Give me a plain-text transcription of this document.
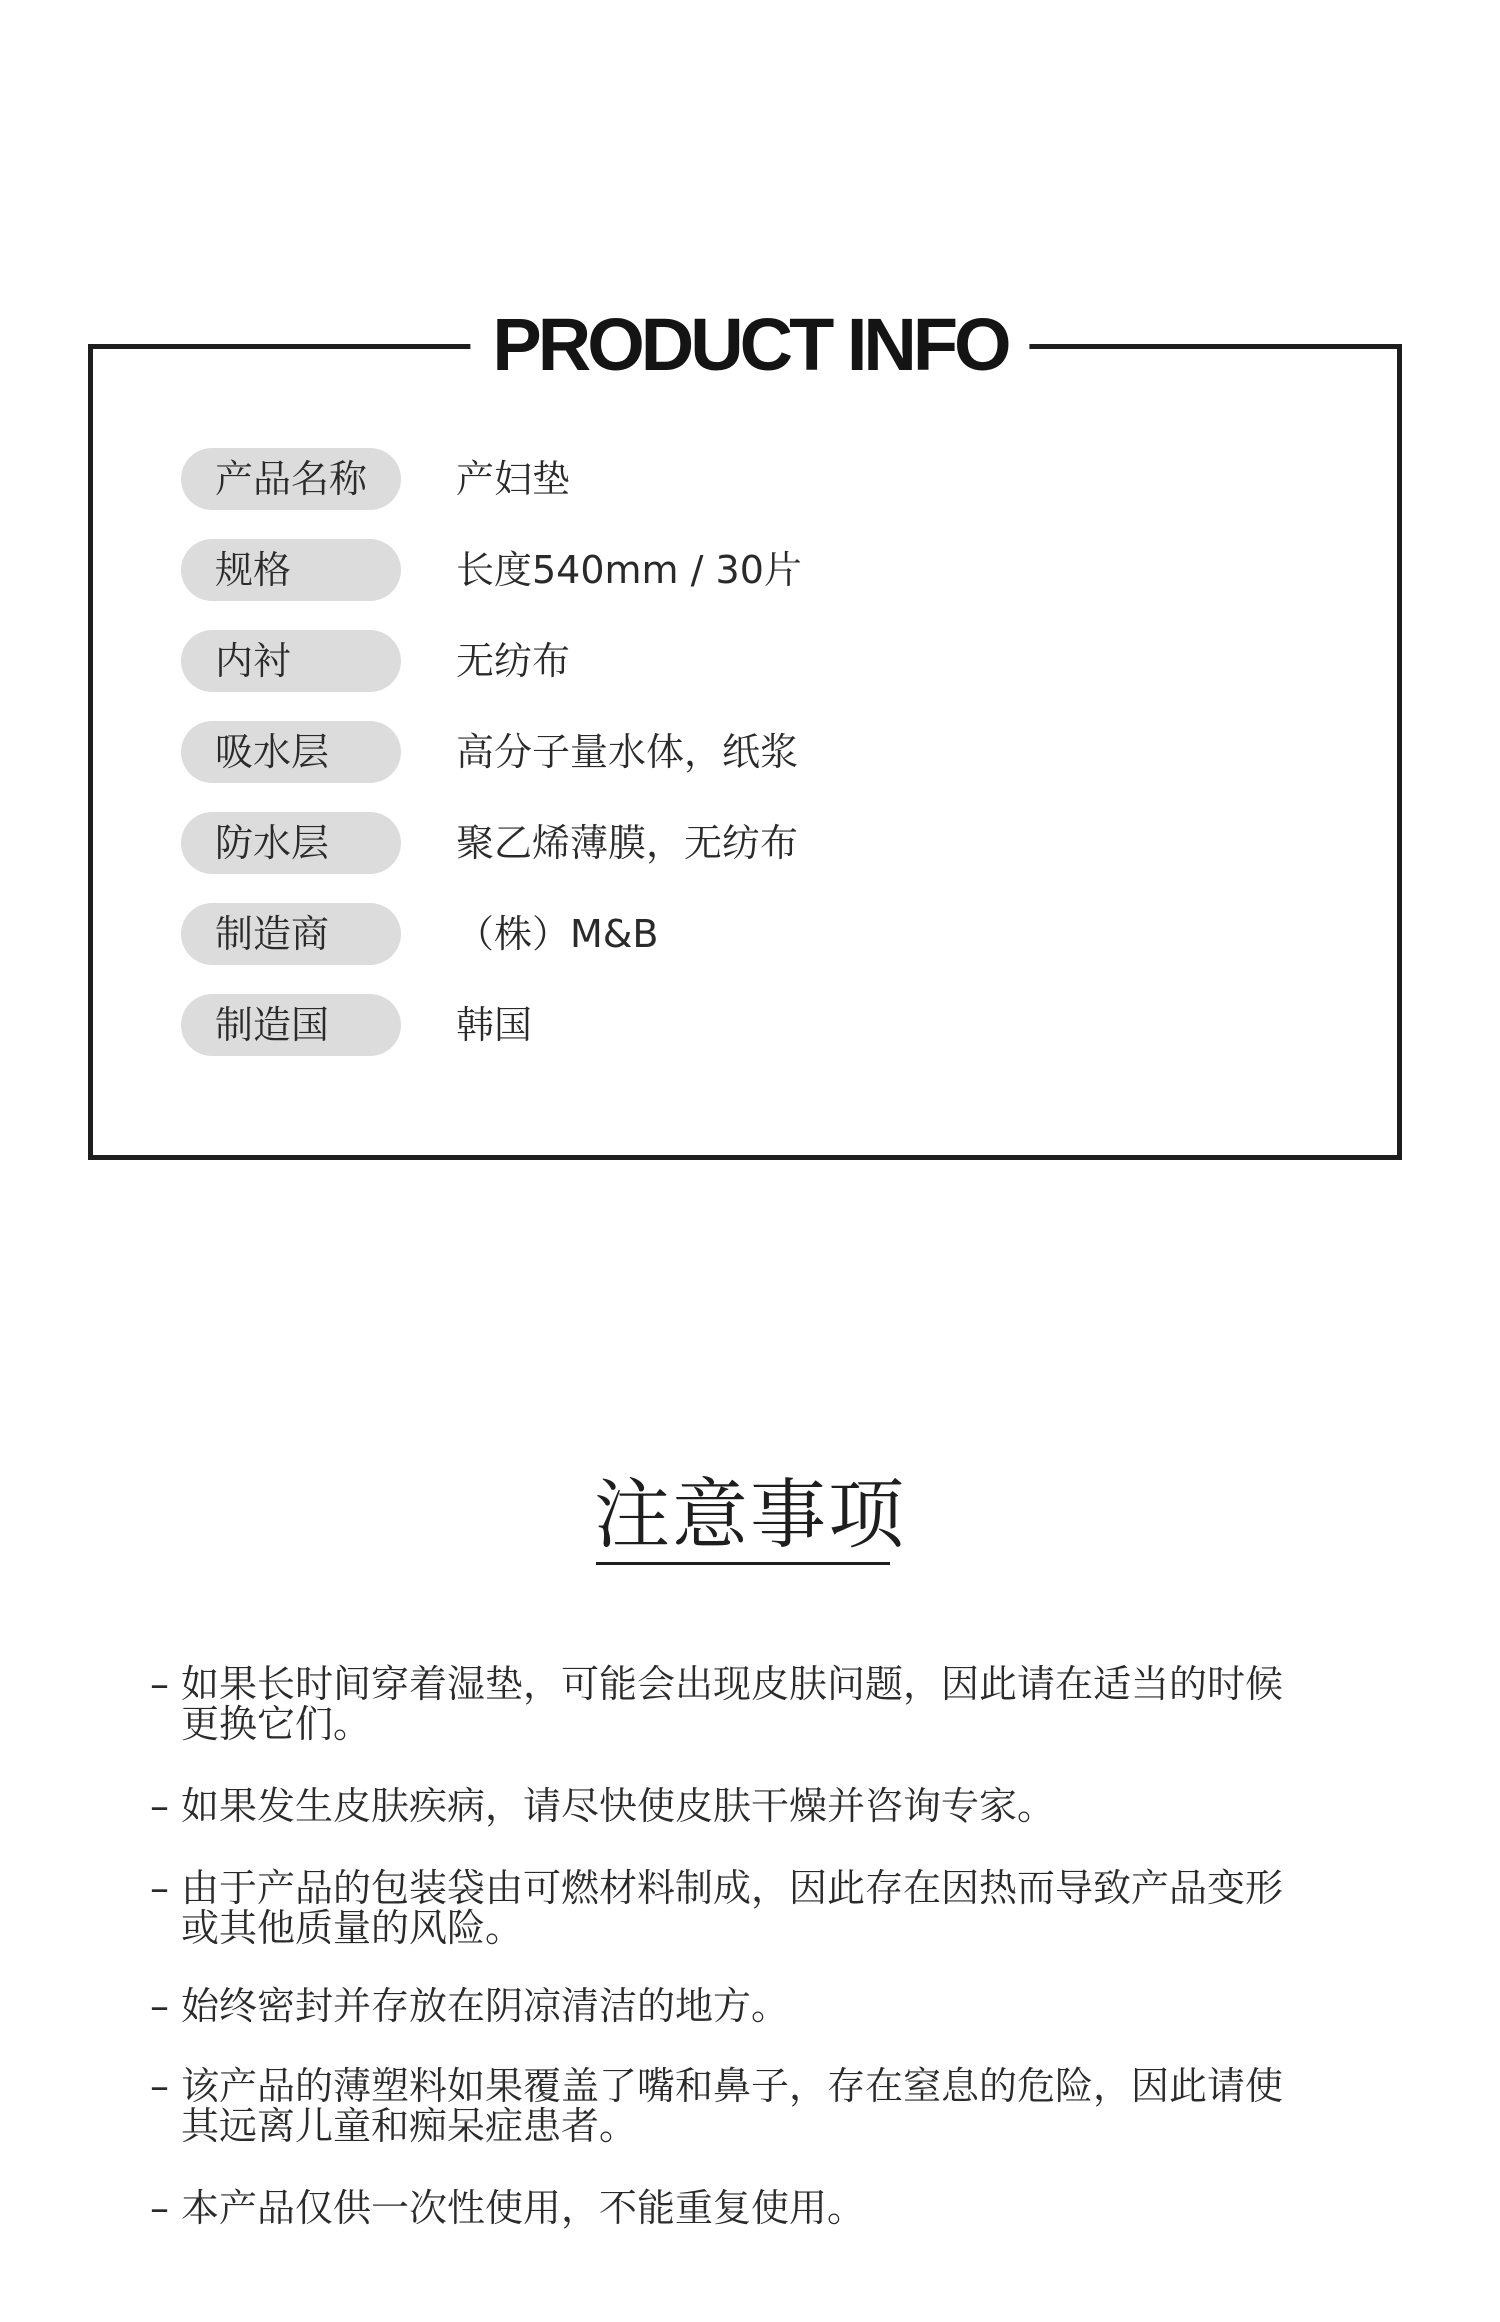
PRODUCT INFO
产品名称	产妇垫
规格	长度540mm / 30片
内衬	无纺布
吸水层	高分子量水体，纸浆
防水层	聚乙烯薄膜，无纺布
制造商	（株）M&B
制造国	韩国
注意事项
– 如果长时间穿着湿垫，可能会出现皮肤问题，因此请在适当的时候更换它们。
– 如果发生皮肤疾病，请尽快使皮肤干燥并咨询专家。
– 由于产品的包装袋由可燃材料制成，因此存在因热而导致产品变形或其他质量的风险。
– 始终密封并存放在阴凉清洁的地方。
– 该产品的薄塑料如果覆盖了嘴和鼻子，存在窒息的危险，因此请使其远离儿童和痴呆症患者。
– 本产品仅供一次性使用，不能重复使用。
